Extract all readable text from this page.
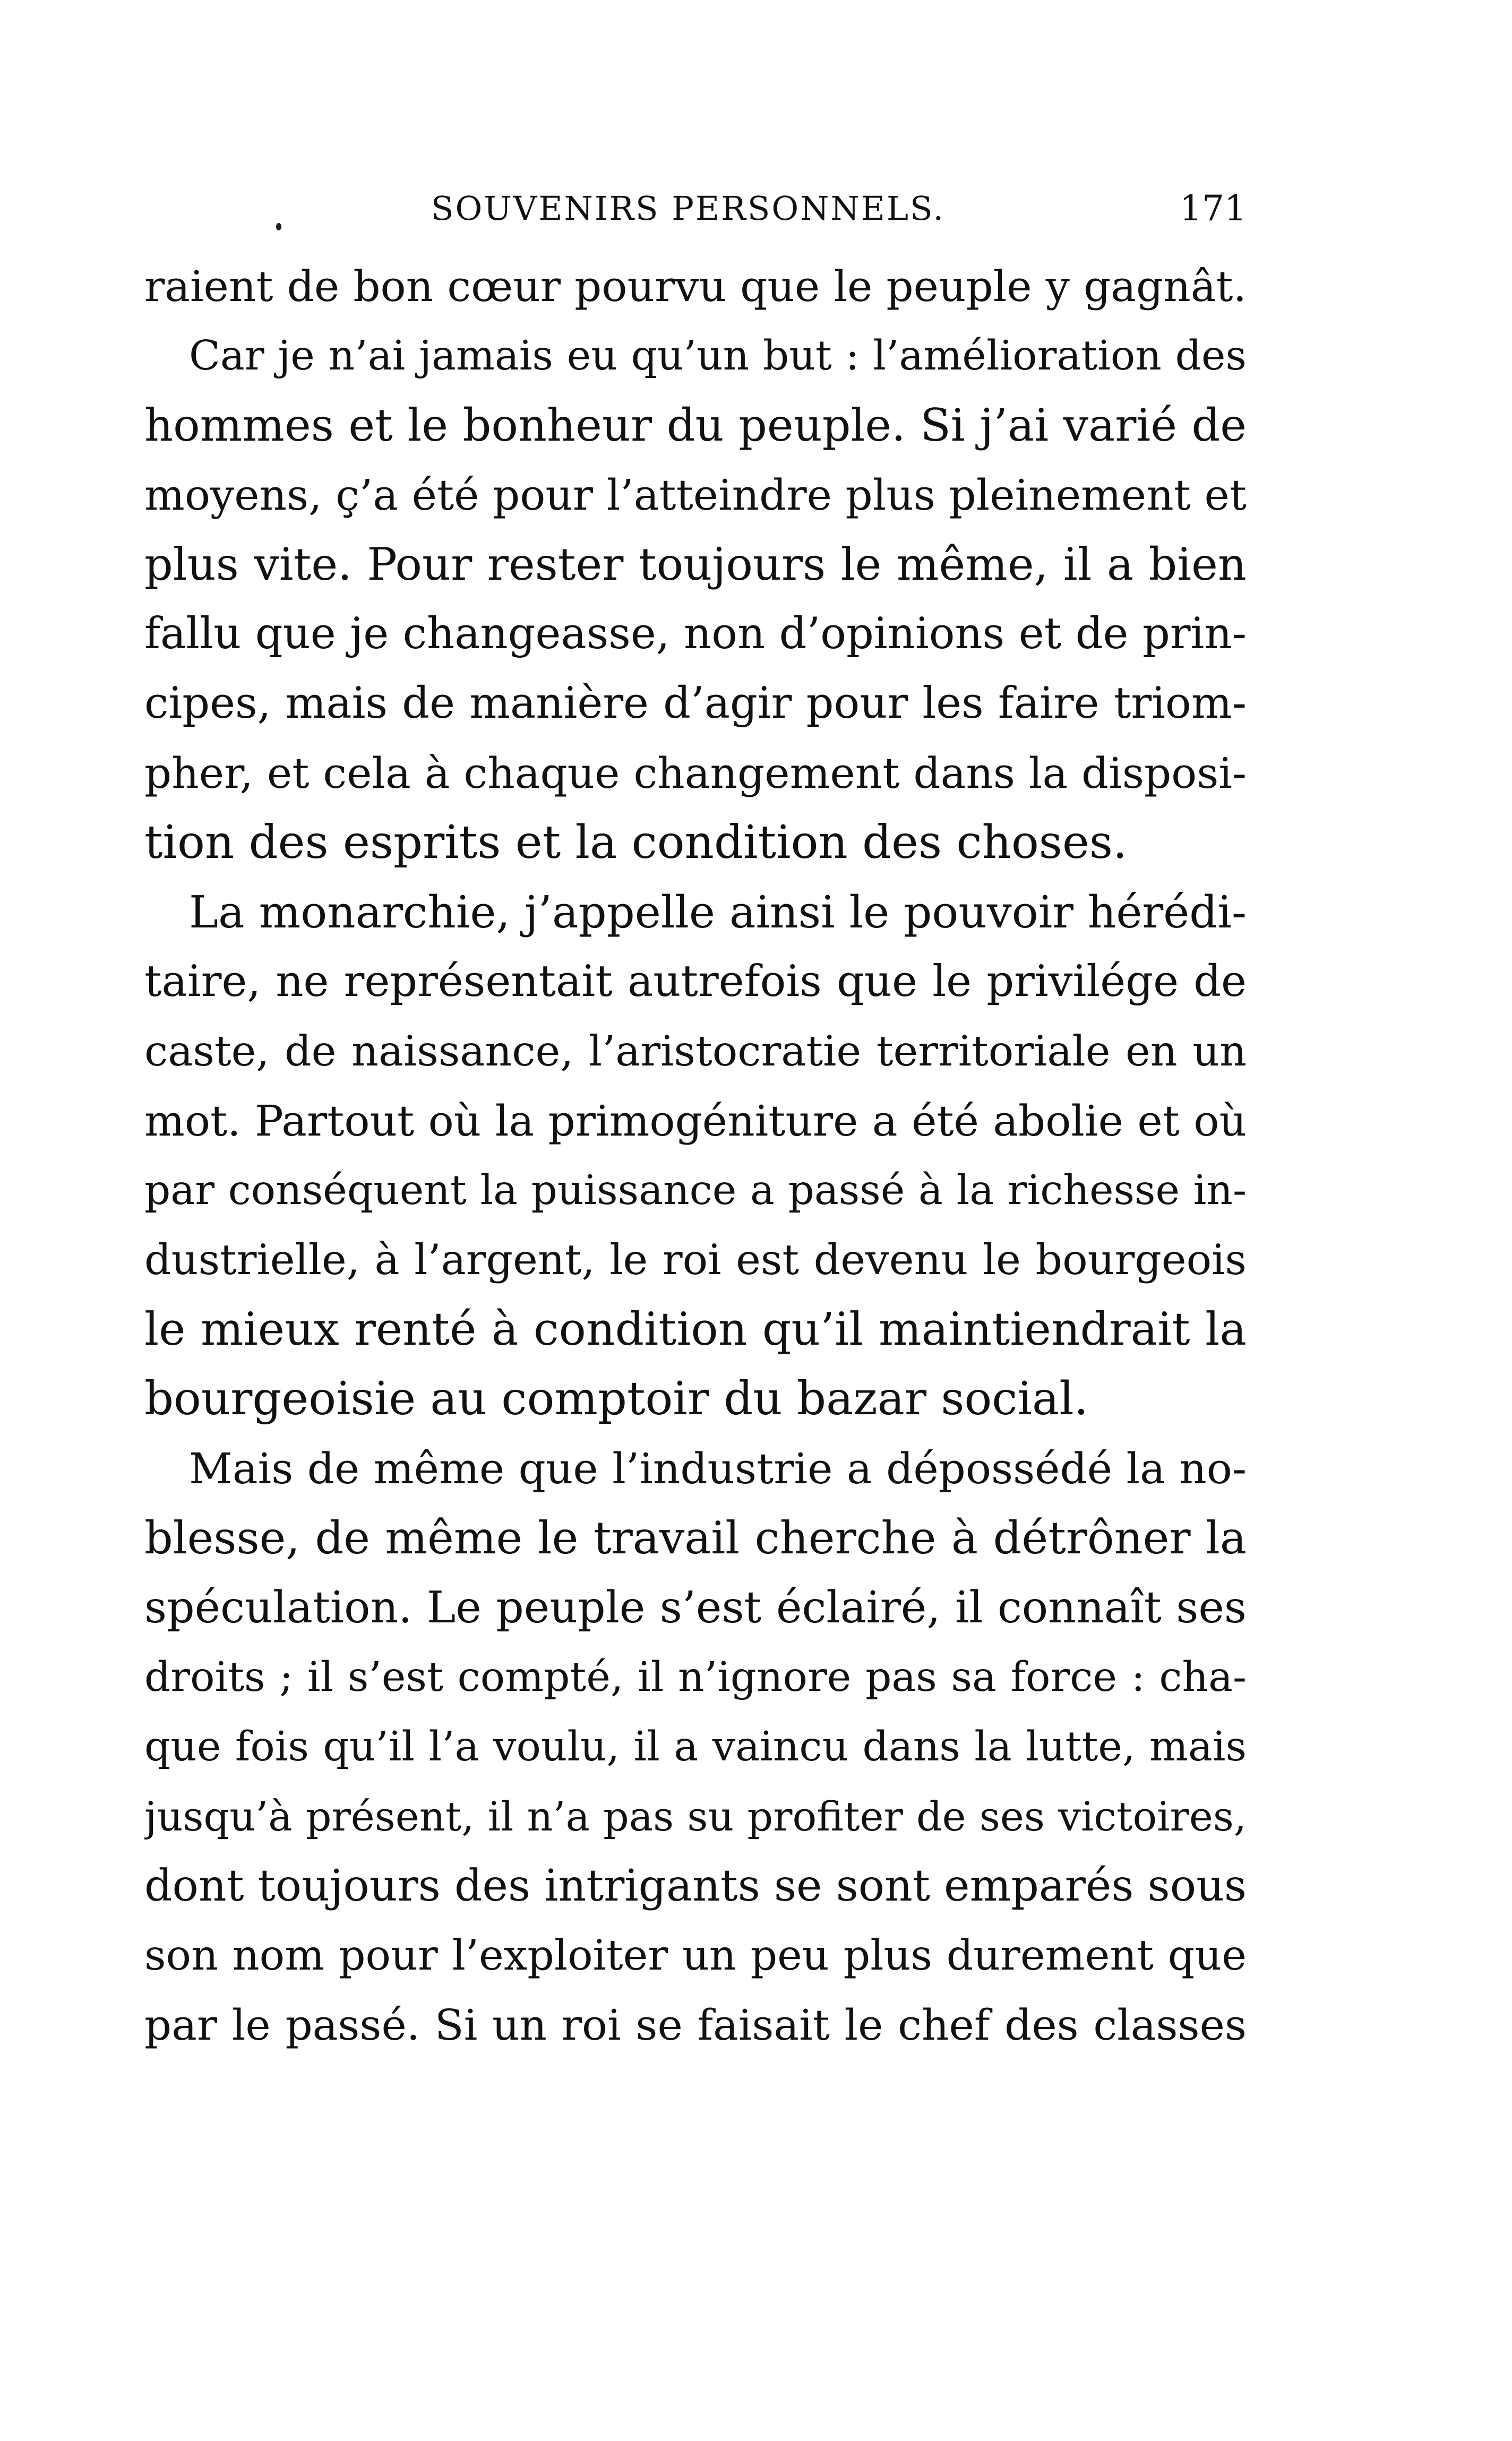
SOUVENIRS PERSONNELS.	171
raient de bon cœur pourvu que le peuple y gagnât.
Car je n’ai jamais eu qu’un but : l’amélioration des
hommes et le bonheur du peuple. Si j’ai varié de
moyens, ç’a été pour l’atteindre plus pleinement et
plus vite. Pour rester toujours le même, il a bien
fallu que je changeasse, non d’opinions et de prin-
cipes, mais de manière d’agir pour les faire triom-
pher, et cela à chaque changement dans la disposi-
tion des esprits et la condition des choses.
La monarchie, j’appelle ainsi le pouvoir hérédi-
taire, ne représentait autrefois que le privilége de
caste, de naissance, l’aristocratie territoriale en un
mot. Partout où la primogéniture a été abolie et où
par conséquent la puissance a passé à la richesse in-
dustrielle, à l’argent, le roi est devenu le bourgeois
le mieux renté à condition qu’il maintiendrait la
bourgeoisie au comptoir du bazar social.
Mais de même que l’industrie a dépossédé la no-
blesse, de même le travail cherche à détrôner la
spéculation. Le peuple s’est éclairé, il connaît ses
droits ; il s’est compté, il n’ignore pas sa force : cha-
que fois qu’il l’a voulu, il a vaincu dans la lutte, mais
jusqu’à présent, il n’a pas su profiter de ses victoires,
dont toujours des intrigants se sont emparés sous
son nom pour l’exploiter un peu plus durement que
par le passé. Si un roi se faisait le chef des classes
